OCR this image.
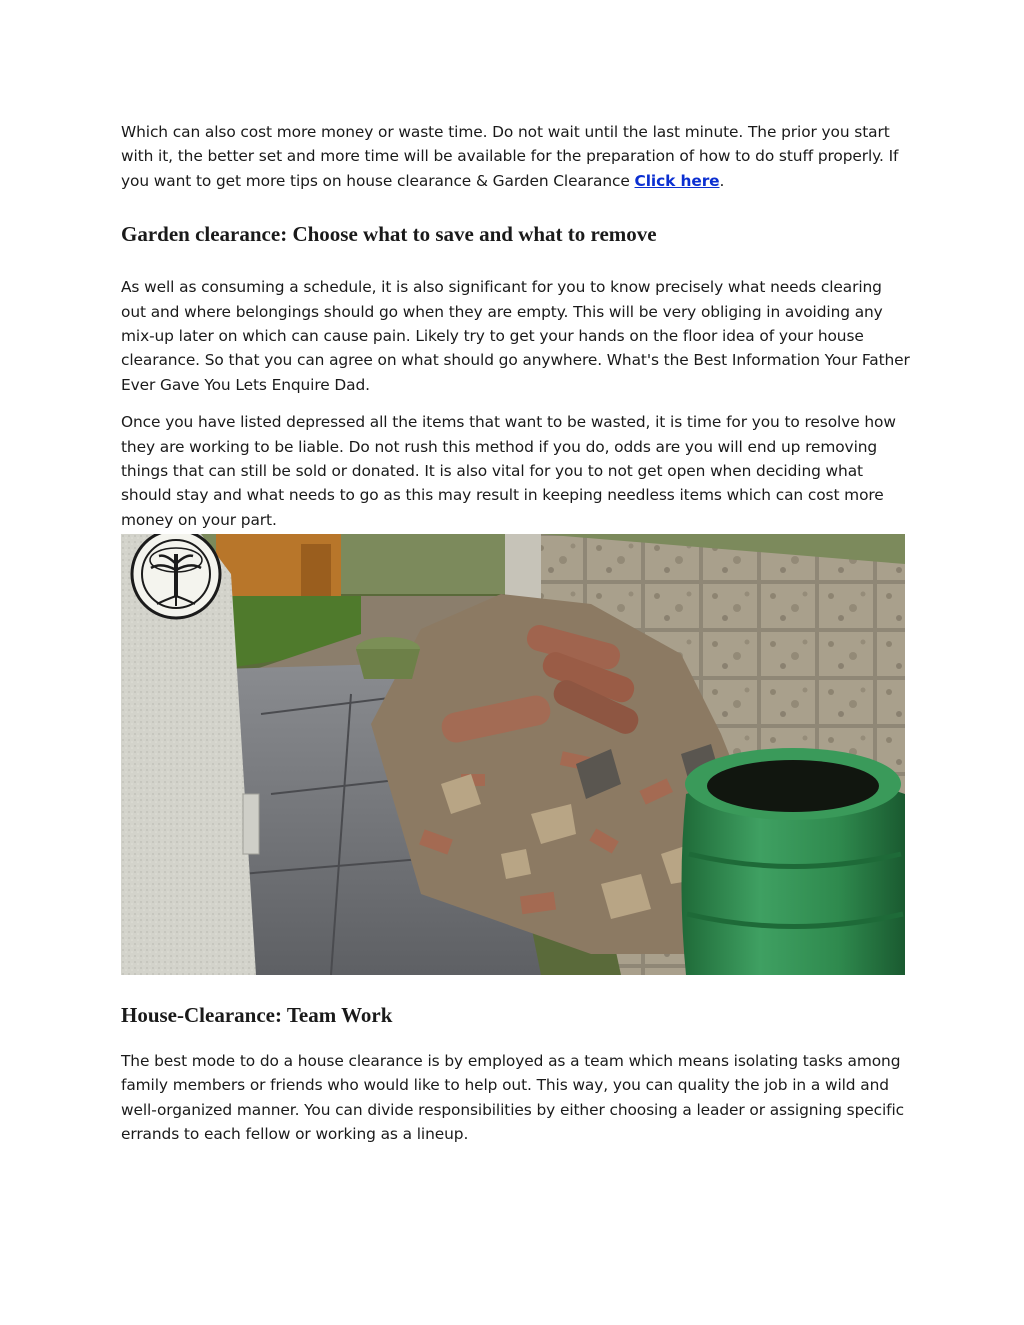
Which can also cost more money or waste time. Do not wait until the last minute. The prior you start with it, the better set and more time will be available for the preparation of how to do stuff properly. If you want to get more tips on house clearance & Garden Clearance Click here.

Garden clearance: Choose what to save and what to remove

As well as consuming a schedule, it is also significant for you to know precisely what needs clearing out and where belongings should go when they are empty. This will be very obliging in avoiding any mix-up later on which can cause pain. Likely try to get your hands on the floor idea of your house clearance. So that you can agree on what should go anywhere. What's the Best Information Your Father Ever Gave You Lets Enquire Dad.

Once you have listed depressed all the items that want to be wasted, it is time for you to resolve how they are working to be liable. Do not rush this method if you do, odds are you will end up removing things that can still be sold or donated. It is also vital for you to not get open when deciding what should stay and what needs to go as this may result in keeping needless items which can cost more money on your part.

House-Clearance: Team Work

The best mode to do a house clearance is by employed as a team which means isolating tasks among family members or friends who would like to help out. This way, you can quality the job in a wild and well-organized manner. You can divide responsibilities by either choosing a leader or assigning specific errands to each fellow or working as a lineup.
